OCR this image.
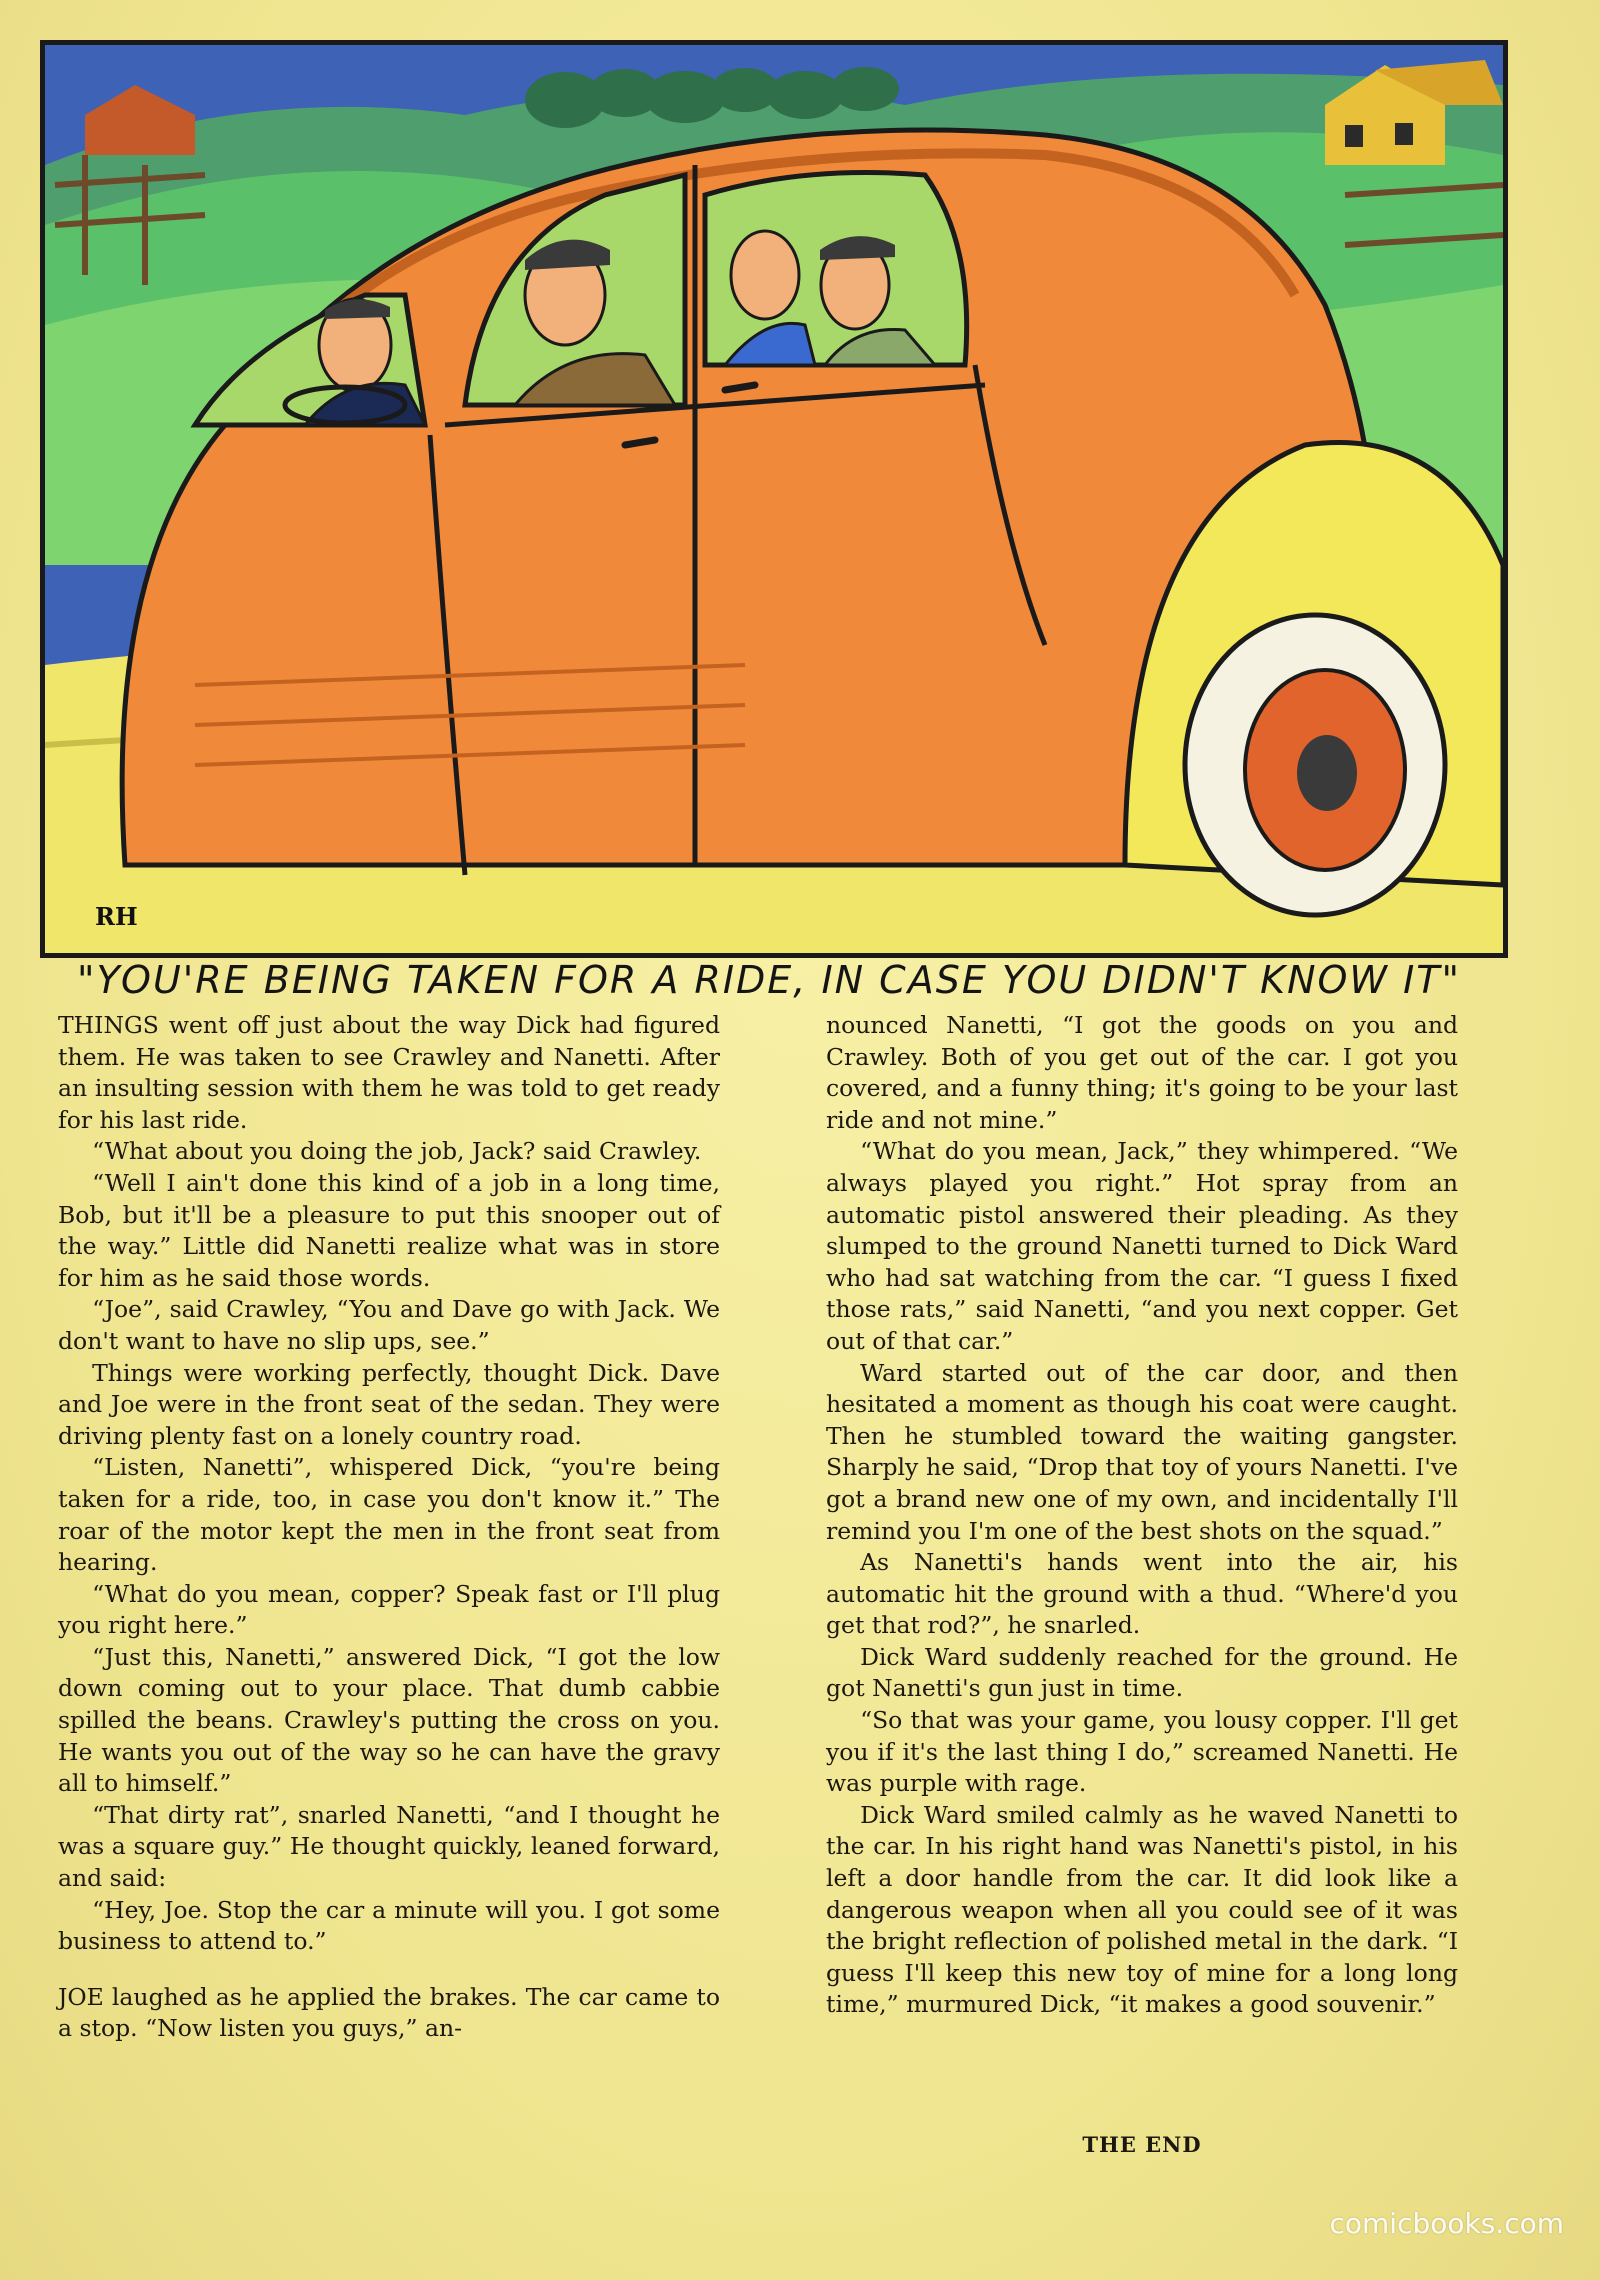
RH
"YOU'RE BEING TAKEN FOR A RIDE, IN CASE YOU DIDN'T KNOW IT"

THINGS went off just about the way Dick had figured them. He was taken to see Crawley and Nanetti. After an insulting session with them he was told to get ready for his last ride.

“What about you doing the job, Jack? said Crawley.

“Well I ain't done this kind of a job in a long time, Bob, but it'll be a pleasure to put this snooper out of the way.” Little did Nanetti realize what was in store for him as he said those words.

“Joe”, said Crawley, “You and Dave go with Jack. We don't want to have no slip ups, see.”

Things were working perfectly, thought Dick. Dave and Joe were in the front seat of the sedan. They were driving plenty fast on a lonely country road.

“Listen, Nanetti”, whispered Dick, “you're being taken for a ride, too, in case you don't know it.” The roar of the motor kept the men in the front seat from hearing.

“What do you mean, copper? Speak fast or I'll plug you right here.”

“Just this, Nanetti,” answered Dick, “I got the low down coming out to your place. That dumb cabbie spilled the beans. Crawley's putting the cross on you. He wants you out of the way so he can have the gravy all to himself.”

“That dirty rat”, snarled Nanetti, “and I thought he was a square guy.” He thought quickly, leaned forward, and said:

“Hey, Joe. Stop the car a minute will you. I got some business to attend to.”

JOE laughed as he applied the brakes. The car came to a stop. “Now listen you guys,” an-

nounced Nanetti, “I got the goods on you and Crawley. Both of you get out of the car. I got you covered, and a funny thing; it's going to be your last ride and not mine.”

“What do you mean, Jack,” they whimpered. “We always played you right.” Hot spray from an automatic pistol answered their pleading. As they slumped to the ground Nanetti turned to Dick Ward who had sat watching from the car. “I guess I fixed those rats,” said Nanetti, “and you next copper. Get out of that car.”

Ward started out of the car door, and then hesitated a moment as though his coat were caught. Then he stumbled toward the waiting gangster. Sharply he said, “Drop that toy of yours Nanetti. I've got a brand new one of my own, and incidentally I'll remind you I'm one of the best shots on the squad.”

As Nanetti's hands went into the air, his automatic hit the ground with a thud. “Where'd you get that rod?”, he snarled.

Dick Ward suddenly reached for the ground. He got Nanetti's gun just in time.

“So that was your game, you lousy copper. I'll get you if it's the last thing I do,” screamed Nanetti. He was purple with rage.

Dick Ward smiled calmly as he waved Nanetti to the car. In his right hand was Nanetti's pistol, in his left a door handle from the car. It did look like a dangerous weapon when all you could see of it was the bright reflection of polished metal in the dark. “I guess I'll keep this new toy of mine for a long long time,” murmured Dick, “it makes a good souvenir.”

THE END
comicbooks.com
